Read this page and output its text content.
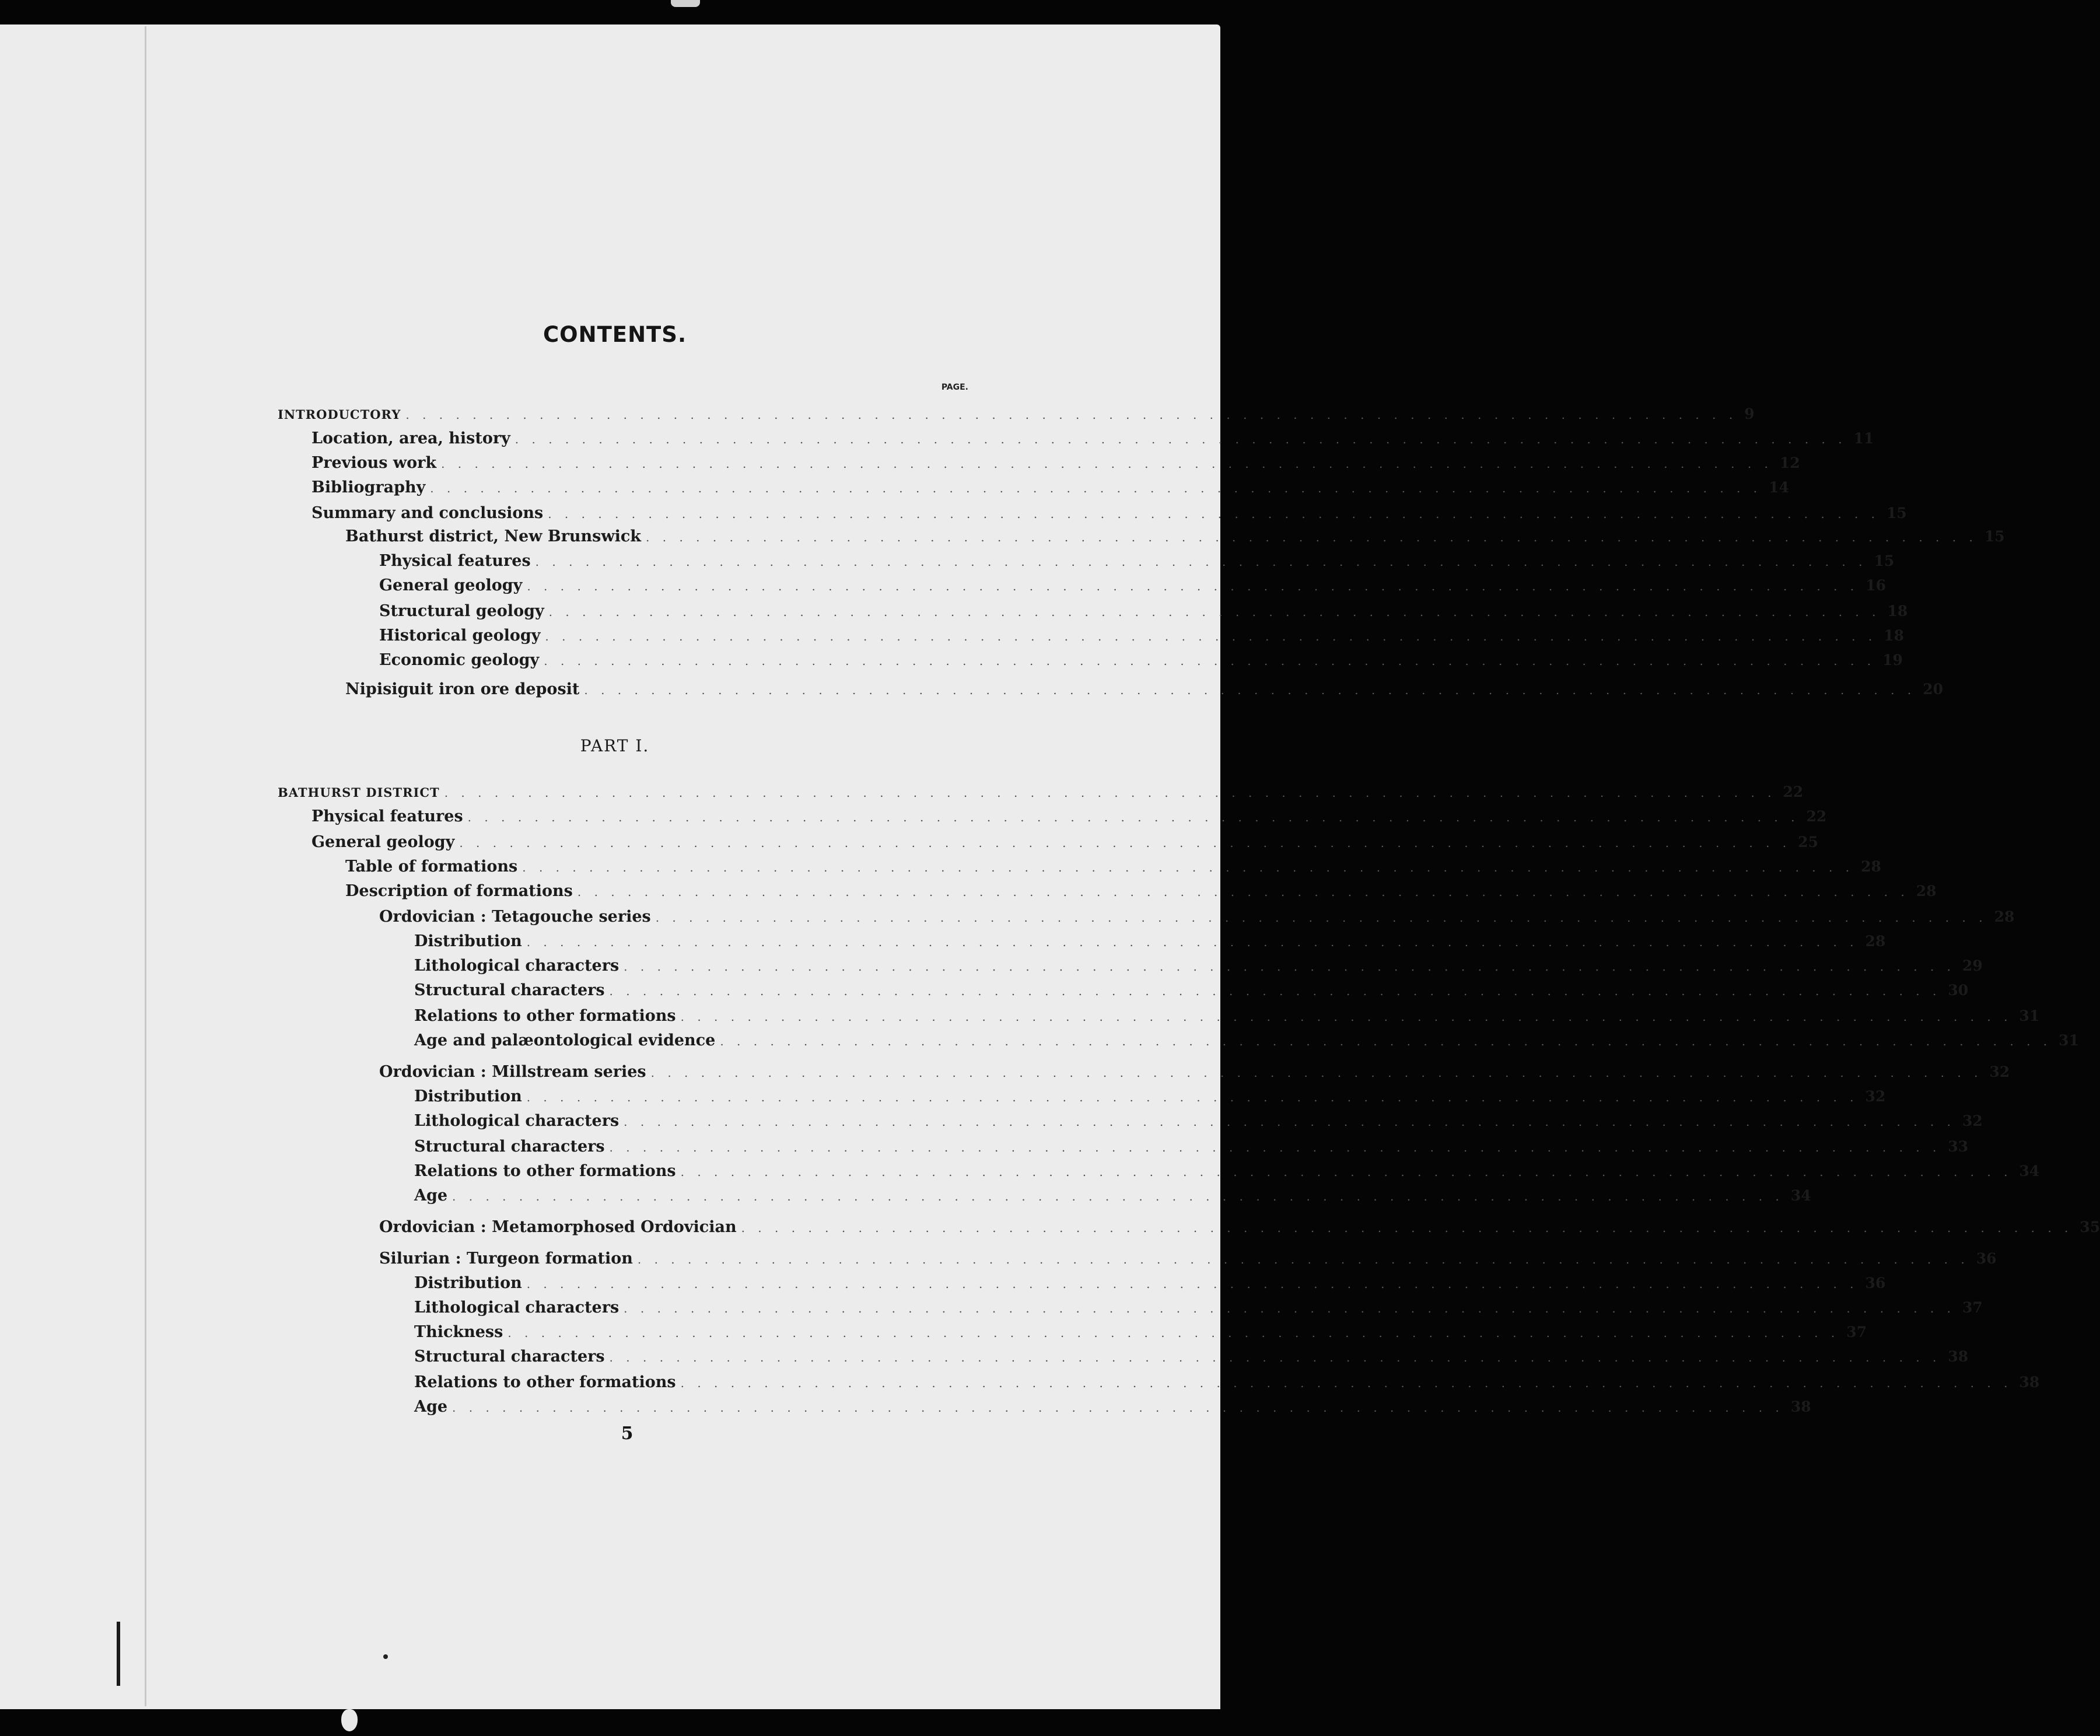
CONTENTS.
PAGE.
INTRODUCTORY . . . . . . . . . . . . . . . . . . . . . . . . . . . . . . . . . . . . . . . . . . . . . . . . . . . . . . . . . . . . . . . . . . . . . . . . . . . . . . . . 9
Location, area, history . . . . . . . . . . . . . . . . . . . . . . . . . . . . . . . . . . . . . . . . . . . . . . . . . . . . . . . . . . . . . . . . . . . . . . . . . . . . . . . . 11
Previous work . . . . . . . . . . . . . . . . . . . . . . . . . . . . . . . . . . . . . . . . . . . . . . . . . . . . . . . . . . . . . . . . . . . . . . . . . . . . . . . . 12
Bibliography . . . . . . . . . . . . . . . . . . . . . . . . . . . . . . . . . . . . . . . . . . . . . . . . . . . . . . . . . . . . . . . . . . . . . . . . . . . . . . . . 14
Summary and conclusions . . . . . . . . . . . . . . . . . . . . . . . . . . . . . . . . . . . . . . . . . . . . . . . . . . . . . . . . . . . . . . . . . . . . . . . . . . . . . . . . 15
Bathurst district, New Brunswick . . . . . . . . . . . . . . . . . . . . . . . . . . . . . . . . . . . . . . . . . . . . . . . . . . . . . . . . . . . . . . . . . . . . . . . . . . . . . . . . 15
Physical features . . . . . . . . . . . . . . . . . . . . . . . . . . . . . . . . . . . . . . . . . . . . . . . . . . . . . . . . . . . . . . . . . . . . . . . . . . . . . . . . 15
General geology . . . . . . . . . . . . . . . . . . . . . . . . . . . . . . . . . . . . . . . . . . . . . . . . . . . . . . . . . . . . . . . . . . . . . . . . . . . . . . . . 16
Structural geology . . . . . . . . . . . . . . . . . . . . . . . . . . . . . . . . . . . . . . . . . . . . . . . . . . . . . . . . . . . . . . . . . . . . . . . . . . . . . . . . 18
Historical geology . . . . . . . . . . . . . . . . . . . . . . . . . . . . . . . . . . . . . . . . . . . . . . . . . . . . . . . . . . . . . . . . . . . . . . . . . . . . . . . . 18
Economic geology . . . . . . . . . . . . . . . . . . . . . . . . . . . . . . . . . . . . . . . . . . . . . . . . . . . . . . . . . . . . . . . . . . . . . . . . . . . . . . . . 19
Nipisiguit iron ore deposit . . . . . . . . . . . . . . . . . . . . . . . . . . . . . . . . . . . . . . . . . . . . . . . . . . . . . . . . . . . . . . . . . . . . . . . . . . . . . . . . 20
BATHURST DISTRICT . . . . . . . . . . . . . . . . . . . . . . . . . . . . . . . . . . . . . . . . . . . . . . . . . . . . . . . . . . . . . . . . . . . . . . . . . . . . . . . . 22
Physical features . . . . . . . . . . . . . . . . . . . . . . . . . . . . . . . . . . . . . . . . . . . . . . . . . . . . . . . . . . . . . . . . . . . . . . . . . . . . . . . . 22
General geology . . . . . . . . . . . . . . . . . . . . . . . . . . . . . . . . . . . . . . . . . . . . . . . . . . . . . . . . . . . . . . . . . . . . . . . . . . . . . . . . 25
Table of formations . . . . . . . . . . . . . . . . . . . . . . . . . . . . . . . . . . . . . . . . . . . . . . . . . . . . . . . . . . . . . . . . . . . . . . . . . . . . . . . . 28
Description of formations . . . . . . . . . . . . . . . . . . . . . . . . . . . . . . . . . . . . . . . . . . . . . . . . . . . . . . . . . . . . . . . . . . . . . . . . . . . . . . . . 28
Ordovician : Tetagouche series . . . . . . . . . . . . . . . . . . . . . . . . . . . . . . . . . . . . . . . . . . . . . . . . . . . . . . . . . . . . . . . . . . . . . . . . . . . . . . . . 28
Distribution . . . . . . . . . . . . . . . . . . . . . . . . . . . . . . . . . . . . . . . . . . . . . . . . . . . . . . . . . . . . . . . . . . . . . . . . . . . . . . . . 28
Lithological characters . . . . . . . . . . . . . . . . . . . . . . . . . . . . . . . . . . . . . . . . . . . . . . . . . . . . . . . . . . . . . . . . . . . . . . . . . . . . . . . . 29
Structural characters . . . . . . . . . . . . . . . . . . . . . . . . . . . . . . . . . . . . . . . . . . . . . . . . . . . . . . . . . . . . . . . . . . . . . . . . . . . . . . . . 30
Relations to other formations . . . . . . . . . . . . . . . . . . . . . . . . . . . . . . . . . . . . . . . . . . . . . . . . . . . . . . . . . . . . . . . . . . . . . . . . . . . . . . . . 31
Age and palæontological evidence . . . . . . . . . . . . . . . . . . . . . . . . . . . . . . . . . . . . . . . . . . . . . . . . . . . . . . . . . . . . . . . . . . . . . . . . . . . . . . . . 31
Ordovician : Millstream series . . . . . . . . . . . . . . . . . . . . . . . . . . . . . . . . . . . . . . . . . . . . . . . . . . . . . . . . . . . . . . . . . . . . . . . . . . . . . . . . 32
Distribution . . . . . . . . . . . . . . . . . . . . . . . . . . . . . . . . . . . . . . . . . . . . . . . . . . . . . . . . . . . . . . . . . . . . . . . . . . . . . . . . 32
Lithological characters . . . . . . . . . . . . . . . . . . . . . . . . . . . . . . . . . . . . . . . . . . . . . . . . . . . . . . . . . . . . . . . . . . . . . . . . . . . . . . . . 32
Structural characters . . . . . . . . . . . . . . . . . . . . . . . . . . . . . . . . . . . . . . . . . . . . . . . . . . . . . . . . . . . . . . . . . . . . . . . . . . . . . . . . 33
Relations to other formations . . . . . . . . . . . . . . . . . . . . . . . . . . . . . . . . . . . . . . . . . . . . . . . . . . . . . . . . . . . . . . . . . . . . . . . . . . . . . . . . 34
Age . . . . . . . . . . . . . . . . . . . . . . . . . . . . . . . . . . . . . . . . . . . . . . . . . . . . . . . . . . . . . . . . . . . . . . . . . . . . . . . . 34
Ordovician : Metamorphosed Ordovician . . . . . . . . . . . . . . . . . . . . . . . . . . . . . . . . . . . . . . . . . . . . . . . . . . . . . . . . . . . . . . . . . . . . . . . . . . . . . . . . 35
Silurian : Turgeon formation . . . . . . . . . . . . . . . . . . . . . . . . . . . . . . . . . . . . . . . . . . . . . . . . . . . . . . . . . . . . . . . . . . . . . . . . . . . . . . . . 36
Distribution . . . . . . . . . . . . . . . . . . . . . . . . . . . . . . . . . . . . . . . . . . . . . . . . . . . . . . . . . . . . . . . . . . . . . . . . . . . . . . . . 36
Lithological characters . . . . . . . . . . . . . . . . . . . . . . . . . . . . . . . . . . . . . . . . . . . . . . . . . . . . . . . . . . . . . . . . . . . . . . . . . . . . . . . . 37
Thickness . . . . . . . . . . . . . . . . . . . . . . . . . . . . . . . . . . . . . . . . . . . . . . . . . . . . . . . . . . . . . . . . . . . . . . . . . . . . . . . . 37
Structural characters . . . . . . . . . . . . . . . . . . . . . . . . . . . . . . . . . . . . . . . . . . . . . . . . . . . . . . . . . . . . . . . . . . . . . . . . . . . . . . . . 38
Relations to other formations . . . . . . . . . . . . . . . . . . . . . . . . . . . . . . . . . . . . . . . . . . . . . . . . . . . . . . . . . . . . . . . . . . . . . . . . . . . . . . . . 38
Age . . . . . . . . . . . . . . . . . . . . . . . . . . . . . . . . . . . . . . . . . . . . . . . . . . . . . . . . . . . . . . . . . . . . . . . . . . . . . . . . 38
PART I.
5
